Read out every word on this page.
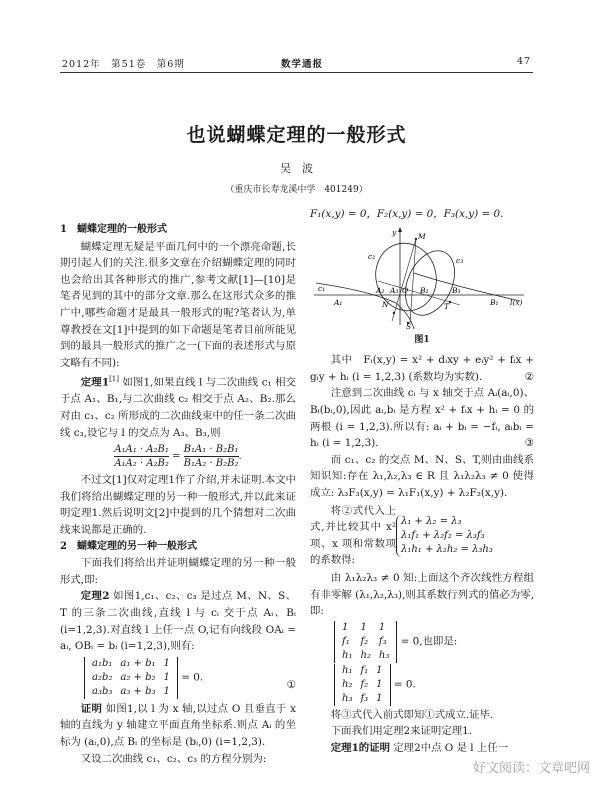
2012年　第51卷　第6期	数学通报	47
也说蝴蝶定理的一般形式
吴　波
（重庆市长寿龙溪中学　401249）

1　蝴蝶定理的一般形式

蝴蝶定理无疑是平面几何中的一个漂亮命题,长期引起人们的关注.很多文章在介绍蝴蝶定理的同时也会给出其各种形式的推广,参考文献[1]—[10]是笔者见到的其中的部分文章.那么在这形式众多的推广中,哪些命题才是最具一般形式的呢?笔者认为,单尊教授在文[1]中提到的如下命题是笔者目前所能见到的最具一般形式的推广之一(下面的表述形式与原文略有不同):

定理1[1] 如图1,如果直线 l 与二次曲线 c₁ 相交于点 A₁、B₁,与二次曲线 c₂ 相交于点 A₂、B₂.那么对由 c₁、c₂ 所形成的二次曲线束中的任一条二次曲线 c₃,设它与 l 的交点为 A₃、B₃,则

$\frac{\text{A₁A₁ · A₂B₁}}{\text{A₁A₂ · A₂B₂}} = \frac{\text{B₁A₁ · B₂B₁}}{\text{B₁A₂ · B₂B₂}}$ .

不过文[1]仅对定理1作了介绍,并未证明.本文中我们将给出蝴蝶定理的另一种一般形式,并以此来证明定理1.然后说明文[2]中提到的几个猜想对二次曲线来说都是正确的.

2　蝴蝶定理的另一种一般形式

下面我们将给出并证明蝴蝶定理的另一种一般形式,即:

定理2 如图1,c₁、c₂、c₃ 是过点 M、N、S、T 的三条二次曲线,直线 l 与 cᵢ 交于点 Aᵢ、Bᵢ (i=1,2,3).对直线 l 上任一点 O,记有向线段 OAᵢ = aᵢ, OBᵢ = bᵢ (i=1,2,3),则有:

a₁b₁	a₁ + b₁	1
a₂b₂	a₂ + b₂	1
a₃b₃	a₃ + b₃	1
= 0.
①

证明 如图1,以 l 为 x 轴,以过点 O 且垂直于 x 轴的直线为 y 轴建立平面直角坐标系.则点 Aᵢ 的坐标为 (aᵢ,0),点 Bᵢ 的坐标是 (bᵢ,0) (i=1,2,3).

又设二次曲线 c₁、c₂、c₃ 的方程分别为:

F₁(x,y) = 0，F₂(x,y) = 0，F₃(x,y) = 0.

c₁
c₂	c₃
y	M
A₁
A₂ A₃ O B₂	B₃
B₁ l(x)
N	T
S

图1

其中　Fᵢ(x,y) = x² + dᵢxy + eᵢy² + fᵢx + gᵢy + hᵢ (i = 1,2,3) (系数均为实数).	②

注意到二次曲线 cᵢ 与 x 轴交于点 Aᵢ(aᵢ,0)、Bᵢ(bᵢ,0),因此 aᵢ,bᵢ 是方程 x² + fᵢx + hᵢ = 0 的两根 (i = 1,2,3).所以有: aᵢ + bᵢ = −fᵢ, aᵢbᵢ = hᵢ (i = 1,2,3).	③

而 c₁、c₂ 的交点 M、N、S、T,则由曲线系知识知:存在 λ₁,λ₂,λ₃ ∈ R 且 λ₁λ₂λ₃ ≠ 0 使得成立: λ₃F₃(x,y) = λ₁F₁(x,y) + λ₂F₂(x,y).

将②式代入上式,并比较其中 x² 项、x 项和常数项的系数得:
λ₁ + λ₂ = λ₃
λ₁f₁ + λ₂f₂ = λ₃f₃
λ₁h₁ + λ₂h₂ = λ₃h₃

由 λ₁λ₂λ₃ ≠ 0 知:上面这个齐次线性方程组有非零解 (λ₁,λ₂,λ₃),则其系数行列式的值必为零,即:

1	1	1
f₁	f₂	f₃
h₁	h₂	h₃
= 0,也即是:
h₁	f₁	1
h₂	f₂	1
h₃	f₃	1
= 0.

将③式代入前式即知①式成立.证毕.

下面我们用定理2来证明定理1.

定理1的证明 定理2中点 O 是 l 上任一

好文阅读：文章吧网
